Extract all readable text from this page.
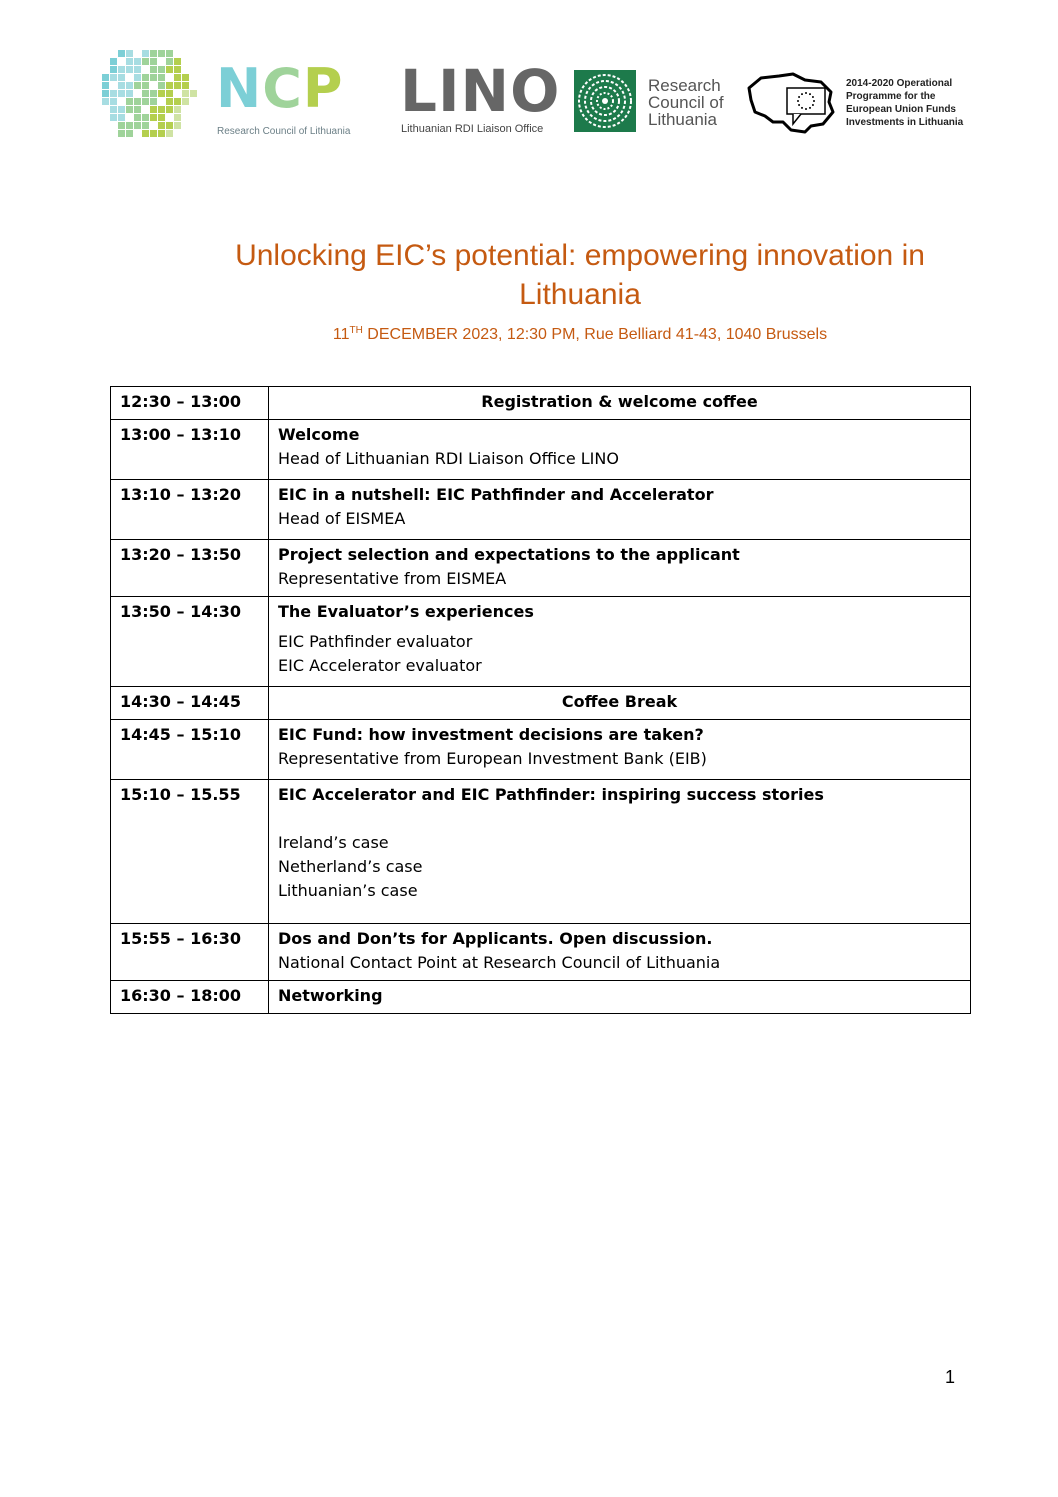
NCP
Research Council of Lithuania
LINO
Lithuanian RDI Liaison Office
Research
Council of
Lithuania
2014-2020 Operational
Programme for the
European Union Funds
Investments in Lithuania
Unlocking EIC’s potential: empowering innovation in
Lithuania
11TH DECEMBER 2023, 12:30 PM, Rue Belliard 41-43, 1040 Brussels
12:30 – 13:00	Registration & welcome coffee
13:00 – 13:10	Welcome
Head of Lithuanian RDI Liaison Office LINO

13:10 – 13:20	EIC in a nutshell: EIC Pathfinder and Accelerator
Head of EISMEA

13:20 – 13:50	Project selection and expectations to the applicant
Representative from EISMEA

13:50 – 14:30	The Evaluator’s experiences
EIC Pathfinder evaluator
EIC Accelerator evaluator

14:30 – 14:45	Coffee Break
14:45 – 15:10	EIC Fund: how investment decisions are taken?
Representative from European Investment Bank (EIB)

15:10 – 15.55	EIC Accelerator and EIC Pathfinder: inspiring success stories
Ireland’s case
Netherland’s case
Lithuanian’s case

15:55 – 16:30	Dos and Don’ts for Applicants. Open discussion.
National Contact Point at Research Council of Lithuania

16:30 – 18:00	Networking
1
